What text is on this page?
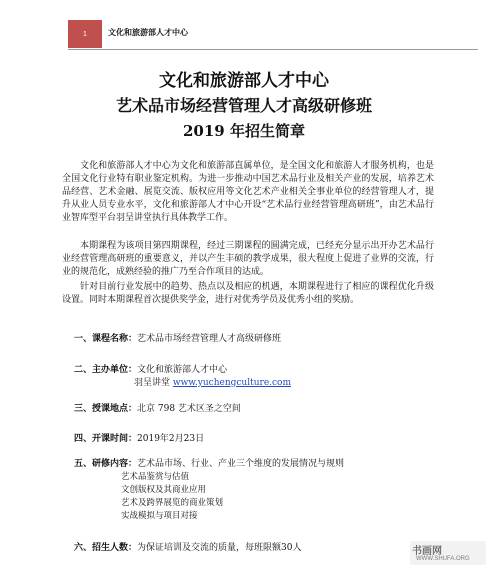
1	文化和旅游部人才中心
文化和旅游部人才中心
艺术品市场经营管理人才高级研修班
2019 年招生简章
文化和旅游部人才中心为文化和旅游部直属单位，是全国文化和旅游人才服务机构，也是全国文化行业特有职业鉴定机构。为进一步推动中国艺术品行业及相关产业的发展，培养艺术品经营、艺术金融、展览交流、版权应用等文化艺术产业相关全事业单位的经营管理人才，提升从业人员专业水平，文化和旅游部人才中心开设“艺术品行业经营管理高研班”，由艺术品行业智库型平台羽呈讲堂执行具体教学工作。
本期课程为该项目第四期课程，经过三期课程的圆满完成，已经充分显示出开办艺术品行业经营管理高研班的重要意义，并以产生丰硕的教学成果，很大程度上促进了业界的交流，行业的规范化，成熟经验的推广乃至合作项目的达成。
针对目前行业发展中的趋势、热点以及相应的机遇，本期课程进行了相应的课程优化升级设置。同时本期课程首次提供奖学金，进行对优秀学员及优秀小组的奖励。
一、课程名称：艺术品市场经营管理人才高级研修班
二、主办单位：文化和旅游部人才中心
羽呈讲堂 www.yuchengculture.com
三、授课地点：北京 798 艺术区圣之空间
四、开课时间：2019年2月23日
五、研修内容：艺术品市场、行业、产业三个维度的发展情况与规则
艺术品鉴赏与估值
文创版权及其商业应用
艺术及跨界展览的商业策划
实战模拟与项目对接
六、招生人数：为保证培训及交流的质量，每班限额30人	书画网
WWW.SHUFA.ORG
